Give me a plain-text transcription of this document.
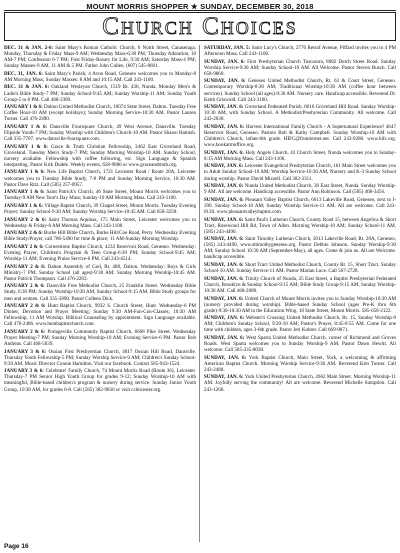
MOUNT MORRIS SHOPPER ★ SUNDAY, DECEMBER 30, 2018
Church Choices

DEC. 31 & JAN. 2-6: Saint Mary's Roman Catholic Church, 6 North Street, Canaseraga. Monday, Thursday & Friday Mass-9 AM; Wednesday Mass-6:30 PM; Thursday Adoration, 10 AM-7 PM; Confession 6-7 PM; First Friday-Rosary for Life, 9:30 AM; Saturday Mass-4 PM; Sunday Masses-9 AM, 11 AM & 5 PM. Father John Cullen. (607) 545-8601.

DEC. 31, JAN. 6: Saint Mary's Parish, 4 Avon Road, Geneseo welcomes you to Monday-8 AM Morning Mass; Sunday Masses: 8 AM and 10:15 AM. Call 243-1100.

DEC. 31 & JAN. 6: Oakland Wesleyan Church, 1519 Rt. 436, Nunda. Monday Men's & Ladie's Bible Study-7 PM; Sunday School-9:45 AM; Sunday Worship-11 AM; Sunday Youth Group-5 to 8 PM. Call 468-2389.

JANUARY 1 & 6: Dalton United Methodist Church, 10074 State Street, Dalton. Tuesday Free Coffee Hour-10 AM (except holidays); Sunday Morning Service-10:30 AM. Pastor Lauren Turner. Call 476-2490.

JANUARY 1 & 6: Dansville Foursquare Church, 49 West Avenue, Dansville. Tuesday Flipside Youth-7 PM; Sunday Worship with Children's Church-10 AM. Pastor Shawn Hamish. Call 335-7707. www.dansville-foursquare.com.

JANUARY 1 & 6: Grace & Truth Christian Fellowship, 3462 East Groveland Road, Groveland. Tuesday Men's Study-7 PM; Sunday Morning Worship-10 AM. Sunday School, nursery available. Fellowship with coffee following, etc. Sign Language & Spanish interpreting. Pastor Kirk Dudek. Weekly events, 658-9880 or www.graceandtruth.org.

JANUARY 1 & 6: New Life Baptist Church, 1721 Leicester Road / Route 20A, Leicester welcomes you to Tuesday Bible Study, 7-8 PM and Sunday Morning Service, 10:30 AM. Pastor Dave Ritz. Call (585) 257-0957.

JANUARY 1 & 6: Saint Patrick's Church, 46 State Street, Mount Morris welcomes you to Tuesday-9 AM New Year's Day Mass; Sunday-10 AM Morning Mass. Call 243-1100.

JANUARY 1 & 6: Village Baptist Church, 39 Chapel Street, Mount Morris. Tuesday Evening Prayer; Sunday School-9:30 AM; Sunday Worship Service-10:45 AM. Call 658-3258.

JANUARY 2 & 6: Saint Thomas Aquinas, 175 Main Street, Leicester welcomes you to Wednesday & Friday-8 AM Morning Mass. Call 243-1100.

JANUARY 2 & 6: Burke Hill Bible Church, Burke Hill/Coe Road, Perry. Wednesday Evening Bible Study/Prayer, call 786-5490 for time & place; 11 AM-Sunday Morning Worship.

JANUARY 2 & 6: Cornerstone Baptist Church, 4232 Reservoir Road, Geneseo. Wednesday: Evening Prayer, Children's Program & Teen Group-6:30 PM; Sunday School-9:45 AM; Worship-11 AM; Evening Praise Service-6 PM. Call 243-4514.

JANUARY 2 & 6: Dalton Assembly of God, Rt. 408, Dalton. Wednesday: Boys & Girls Ministry-7 PM; Sunday School (all ages)-9:30 AM; Sunday Morning Worship-10:45 AM. Pastor Patrick Thompson. Call 476-2263.

JANUARY 2 & 6: Dansville Free Methodist Church, 25 Franklin Street. Wednesday Bible Study, 6:30 PM; Sunday Worship-10:30 AM, Sunday School-9:15 AM. Bible Study groups for men and women. Call 335-3890. Pastor Colleen Dick.

JANUARY 2 & 6: Hunt Baptist Church, 9932 S. Church Street, Hunt. Wednesday-6 PM Dinner, Devotion and Prayer Meeting; Sunday 9:30 AM-Fun-Con-Classes; 10:30 AM Fellowship, 11 AM Worship. Biblical Counseling by appointment. Sign Language available. Call 476-2486. www.huntbaptistchurch.com.

JANUARY 2 & 6: Portageville Community Baptist Church, 6668 Pike Street. Wednesday Prayer Meeting-7 PM; Sunday Morning Worship-10 AM; Evening Service-6 PM. Pastor Rob Andreas. Call 468-5039.

JANUARY 3 & 6: Ossian First Presbyterian Church, 4817 Ossian Hill Road, Dansville. Thursday Youth Fellowship-5 PM; Sunday Worship Service-9 AM; Children's Sunday School-9:30 AM. Music Director Connie Hamilton. Visit our facebook. Contact 585-943-1524.

JANUARY 3 & 6: Celebrate! Family Church, 74 Mount Morris Road (Route 36), Leicester. Thursday-7 PM Senior High Youth Group for grades 9-12; Sunday Worship-10 AM with meaningful, Bible-based children's program & nursery during service. Sunday Junior Youth Group, 10:30 AM, for grades 6-8. Call (585) 382-9830 or visit ccleicester.org.

SATURDAY, JAN. 5: Saint Lucy's Church, 2770 Retsof Avenue, Piffard invites you to 4 PM Afternoon Mass. Call 243-1100.

SUNDAY, JAN. 6: First Presbyterian Church Tuscarora, 8082 Dutch Street Road. Sunday Worship Service-9:30 AM; Sunday School-10 AM. All Welcome. Pastor Steven Busch. Call 658-9860.

SUNDAY, JAN. 6: Geneseo United Methodist Church, Rt. 63 & Court Street, Geneseo. Contemporary Worship-8:30 AM; Traditional Worship-10:30 AM (coffee hour between services). Sunday School (all ages)-9:30 AM. Nursery care. Handicap accessible. Reverend Dr. Keith Griswold. Call 243-3160.

SUNDAY, JAN. 6: Groveland Federated Parish, 6616 Groveland Hill Road. Sunday Worship-10:30 AM, with Sunday School. A Methodist/Presbyterian Community. All welcome. Call 243-2638.

SUNDAY, JAN. 6: Harvest International Family Church - A Supernatural Experience! 4647 Reservoir Road, Geneseo. Pastors Bob & Kathy Campbell. Sunday Worship-10 AM with Children's Church, infant-6th grade. HIFC@frontiernet.net. Call 243-9280. www.hifc.org. www.bookarmoffice.org.

SUNDAY, JAN. 6: Holy Angels Church, 43 Church Street, Nunda welcomes you to Sunday-8:15 AM Morning Mass. Call 243-1100.

SUNDAY, JAN. 6: Leicester Evangelical Presbyterian Church, 161 Main Street welcomes you to Adult Sunday School-10 AM; Worship Service-10:30 AM, Nursery and K-3 Sunday School during worship. Pastor David Mizzell. Call 382-3311.

SUNDAY, JAN. 6: Nunda United Methodist Church, 30 East Street, Nunda. Sunday Worship-9 AM. All are welcome. Handicap accessible. Pastor Ann Robinson. Call (585) 468-3456.

SUNDAY, JAN. 6: Pleasant Valley Baptist Church, 6613 Lakeville Road, Geneseo, next to I-390. Sunday School-10 AM; Sunday Worship Service-11 AM. All are welcome. Call 243-0130. www.pleasantvalleybaptist.com.

SUNDAY, JAN. 6: Saint Paul's Lutheran Church, County Road 15, between Angelica & Short Tract, Rosewood Hill Rd, Town of Allen. Morning Worship-10 AM; Sunday School-11 AM. (585) 243-4490.

SUNDAY, JAN. 6: Saint Timothy Lutheran Church, 3013 Lakeville Road, Rt. 20A, Geneseo, (585) 243-4490, www.sttimothygeneseo.org. Pastor Debbie Johnson. Sunday Worship-9:30 AM; Sunday School 10:30 AM (September-May), all ages. Come & join us. All are Welcome. handicap accessible.

SUNDAY, JAN. 6: Short Tract United Methodist Church, County Rt. 15, Short Tract. Sunday School-10 AM. Sunday Service-11 AM. Pastor Marian Luce. Call 567-2728.

SUNDAY, JAN. 6: Trinity Church of Nunda, 25 East Street, a Baptist Presbyterian Federated Church, Brooklyn & Sunday School-9:15 AM; Bible Study Group-9:15 AM, Sunday Worship-10:30 AM. Call 468-2680.

SUNDAY, JAN. 6: United Church of Mount Morris invites you to Sunday Worship-10:30 AM (nursery provided during worship). Bible-based Sunday School (ages Pre-K thru 6th grade)-9:30-10:30 AM in the Education Wing. 18 State Street, Mount Morris. 585-658-2122.

SUNDAY, JAN. 6: Webster's Crossing United Methodist Church, Rt. 15, Sunday Worship-9 AM; Children's Sunday School, 9:20-10 AM; Pastor's Prayer, 8:45-8:55 AM. Come for one time with children, ages 3-6th grade. Pastor Jeri Kohrer. Call 669-9071.

SUNDAY, JAN. 6: West Sparta United Methodist Church, corner of Richmond and Groves Roads. West Sparta welcomes you to Sunday Worship-9 AM. Pastor Dawn Hewitt. All welcome. Call 585-335-8030.

SUNDAY, JAN. 6: York Baptist Church, Main Street, York, a welcoming & affirming American Baptist Church. Morning Worship Service-9:30 AM. Reverend Kim Turner. Call 243-2488.

SUNDAY, JAN. 6: York United Presbyterian Church, 2662 Main Street. Morning Worship-11 AM. Joyfully serving the community! All are welcome. Reverend Michelle Sumption. Call 243-1266.

Page 16
